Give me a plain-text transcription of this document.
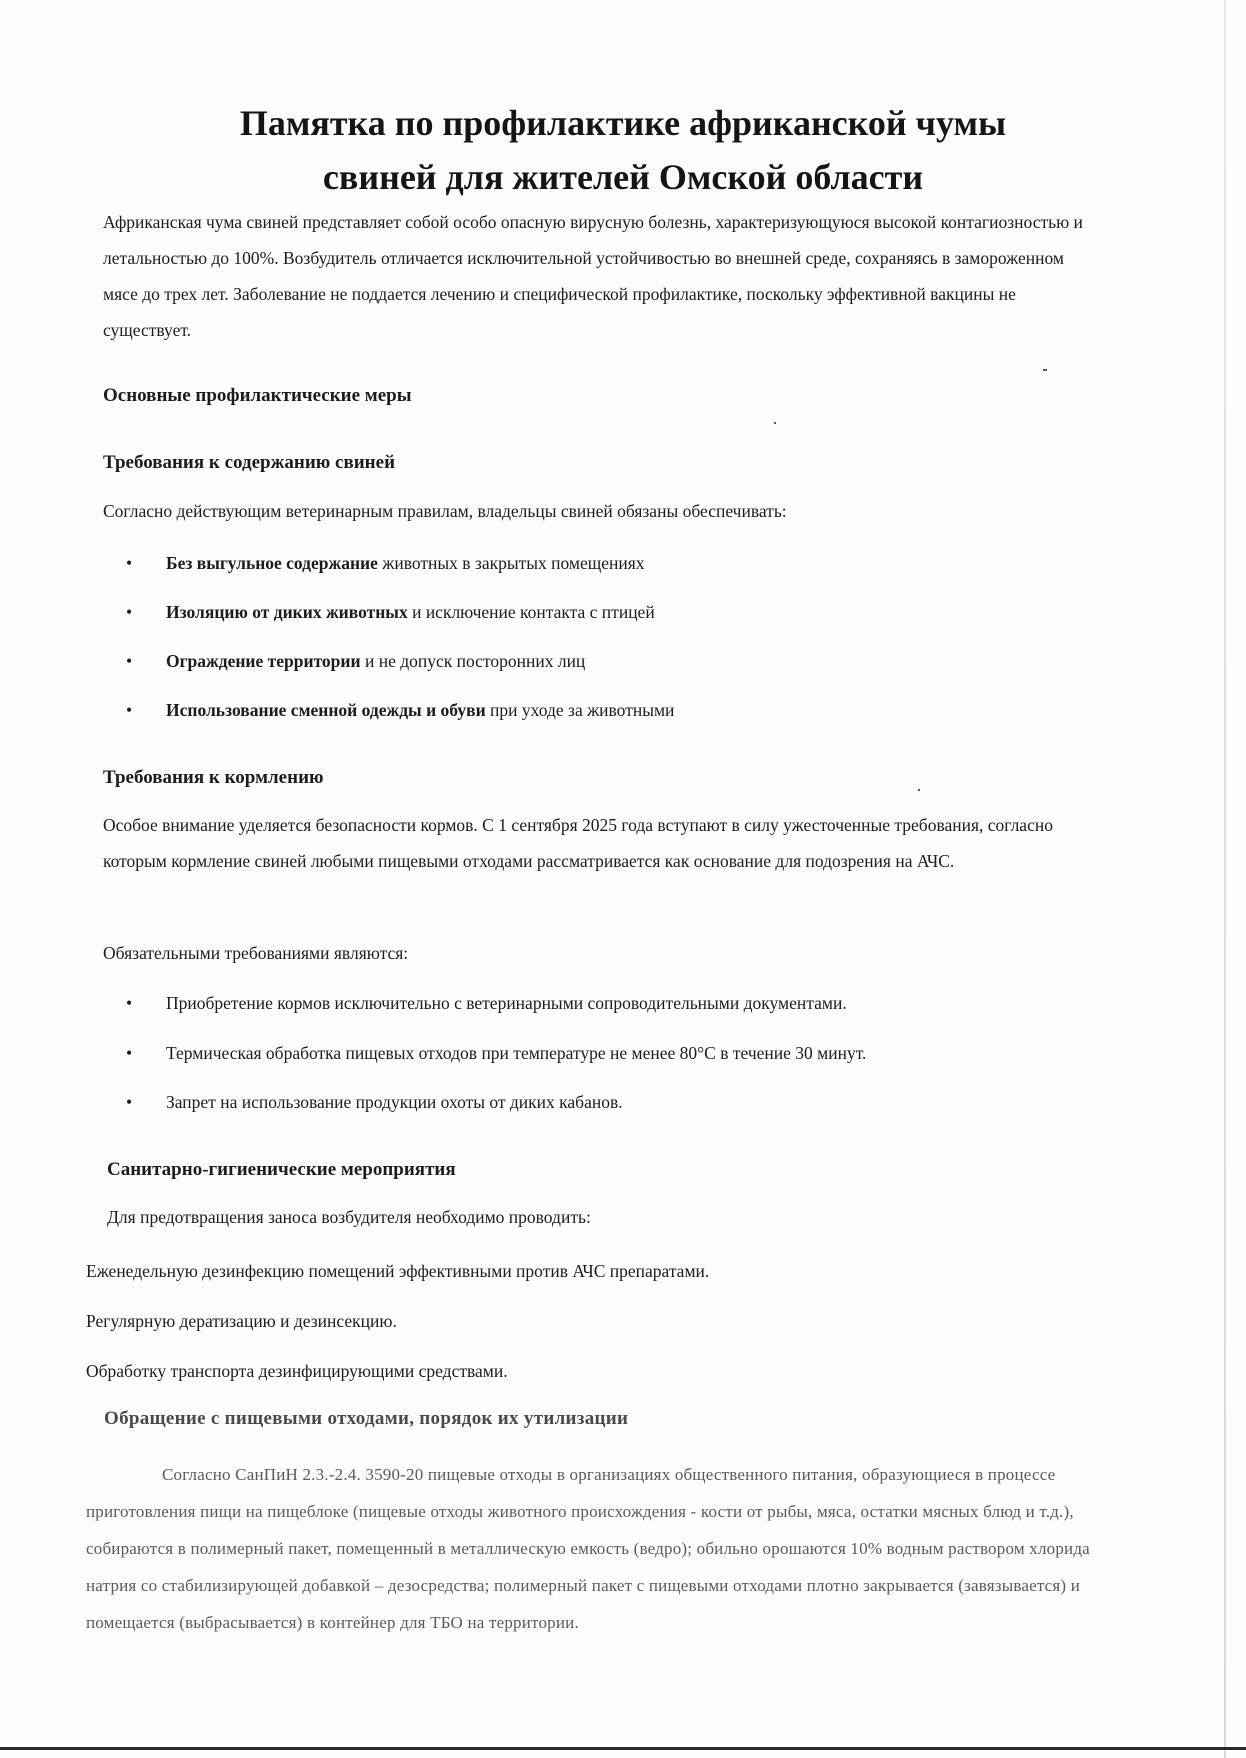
Памятка по профилактике африканской чумы
свиней для жителей Омской области

Африканская чума свиней представляет собой особо опасную вирусную болезнь, характеризующуюся высокой контагиозностью и летальностью до 100%. Возбудитель отличается исключительной устойчивостью во внешней среде, сохраняясь в замороженном мясе до трех лет. Заболевание не поддается лечению и специфической профилактике, поскольку эффективной вакцины не существует.

Основные профилактические меры
Требования к содержанию свиней
Согласно действующим ветеринарным правилам, владельцы свиней обязаны обеспечивать:
• Без выгульное содержание животных в закрытых помещениях
• Изоляцию от диких животных и исключение контакта с птицей
• Ограждение территории и не допуск посторонних лиц
• Использование сменной одежды и обуви при уходе за животными
Требования к кормлению
Особое внимание уделяется безопасности кормов. С 1 сентября 2025 года вступают в силу ужесточенные требования, согласно которым кормление свиней любыми пищевыми отходами рассматривается как основание для подозрения на АЧС.
Обязательными требованиями являются:
• Приобретение кормов исключительно с ветеринарными сопроводительными документами.
• Термическая обработка пищевых отходов при температуре не менее 80°С в течение 30 минут.
• Запрет на использование продукции охоты от диких кабанов.
Санитарно-гигиенические мероприятия
Для предотвращения заноса возбудителя необходимо проводить:
Еженедельную дезинфекцию помещений эффективными против АЧС препаратами.
Регулярную дератизацию и дезинсекцию.
Обработку транспорта дезинфицирующими средствами.
Обращение с пищевыми отходами, порядок их утилизации

Согласно СанПиН 2.3.-2.4. 3590-20 пищевые отходы в организациях общественного питания, образующиеся в процессе приготовления пищи на пищеблоке (пищевые отходы животного происхождения - кости от рыбы, мяса, остатки мясных блюд и т.д.), собираются в полимерный пакет, помещенный в металлическую емкость (ведро); обильно орошаются 10% водным раствором хлорида натрия со стабилизирующей добавкой – дезосредства; полимерный пакет с пищевыми отходами плотно закрывается (завязывается) и помещается (выбрасывается) в контейнер для ТБО на территории.
